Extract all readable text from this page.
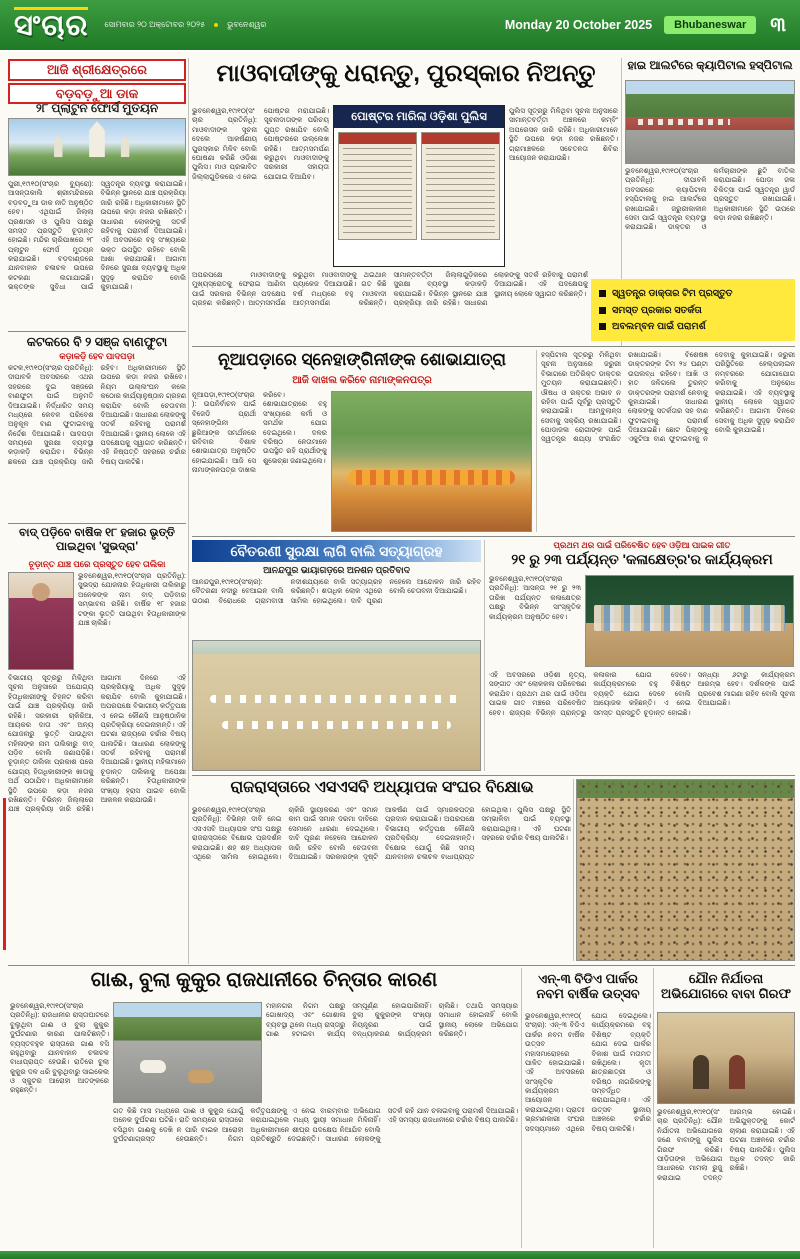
ସଂଚାର ସୋମବାର ୨୦ ଅକ୍ଟୋବର ୨୦୨୫	ଭୁବନେଶ୍ୱର	Monday 20 October 2025	Bhubaneswar	୩
ଆଜି ଶ୍ରୀକ୍ଷେତ୍ରରେ
ବଡ଼ବଡ଼ୁଆ ଡାକ
୨୮ ପ୍ଲାଟୁନ ଫୋର୍ସ ମୁତୟନ
ପୁରୀ,୧୯ା୧୦(ସଂଚାର ବ୍ୟୁରୋ): ଆସନ୍ତାକାଲି ଶ୍ରୀମନ୍ଦିରରେ ବଡ଼ବଡ଼ୁଆ ଡାକ ନୀତି ଅନୁଷ୍ଠିତ ହେବ। ଏଥିପାଇଁ ଜିଲ୍ଲା ପ୍ରଶାସନ ଓ ପୁଲିସ ପକ୍ଷରୁ ସମସ୍ତ ପ୍ରସ୍ତୁତି ଚୂଡ଼ାନ୍ତ ହୋଇଛି। ମନ୍ଦିର ଚାରିପାଖରେ ୨୮ ପ୍ଲାଟୁନ ଫୋର୍ସ ମୁତୟନ କରାଯାଇଛି। ବଡ଼ଦାଣ୍ଡରେ ଯାନବାହାନ ଚଳାଚଳ ଉପରେ କଟକଣା ଲଗାଯାଇଛି। ଭକ୍ତଙ୍କ ସୁବିଧା ପାଇଁ ସ୍ୱତନ୍ତ୍ର ବ୍ୟବସ୍ଥା କରାଯାଇଛି। ବିଭିନ୍ନ ସ୍ଥାନରେ ଯାଞ୍ଚ ପ୍ରକ୍ରିୟା ଜାରି ରହିଛି। ଅଧିକାରୀମାନେ ସ୍ଥିତି ଉପରେ କଡ଼ା ନଜର ରଖିଛନ୍ତି। ସାଧାରଣ ଲୋକଙ୍କୁ ସତର୍କ ରହିବାକୁ ପରାମର୍ଶ ଦିଆଯାଇଛି। ଏହି ଅବସରରେ ବହୁ ସଂଖ୍ୟାରେ ଭକ୍ତ ଉପସ୍ଥିତ ରହିବେ ବୋଲି ଆଶା କରାଯାଉଛି। ଆଗାମୀ ଦିନରେ ସୁରକ୍ଷା ବ୍ୟବସ୍ଥାକୁ ଅଧିକ ସୁଦୃଢ଼ କରାଯିବ ବୋଲି କୁହାଯାଇଛି।
କଟକରେ ବି ୨ ସଞ୍ଜ ବାଣଫୁଟା
କଡ଼ାକଡ଼ି ହେବ ପାଦପଡ଼ା
କଟକ,୧୯ା୧୦(ସଂଚାର ପ୍ରତିନିଧି): ଦୀପାବଳି ଅବସରରେ ଏଥର ସହରରେ ଦୁଇ ସଞ୍ଜରେ ବାଣଫୁଟା ପାଇଁ ଅନୁମତି ଦିଆଯାଇଛି। ନିର୍ଦ୍ଧାରିତ ସମୟ ମଧ୍ୟରେ କେବଳ ପରିବେଶ ଅନୁକୂଳ ବାଣ ଫୁଟାଇବାକୁ ନିର୍ଦ୍ଦେଶ ଦିଆଯାଇଛି। ପାଦପଡ଼ା ସମୟରେ ସୁରକ୍ଷା ବ୍ୟବସ୍ଥା କଡ଼ାକଡ଼ି କରାଯିବ। ବିଭିନ୍ନ ଛକରେ ଯାଞ୍ଚ ପ୍ରକ୍ରିୟା ଜାରି ରହିବ। ଅଧିକାରୀମାନେ ସ୍ଥିତି ଉପରେ କଡ଼ା ନଜର ରଖିବେ। ନିୟମ ଉଲ୍ଲଂଘନ କଲେ କଠୋର କାର୍ଯ୍ୟାନୁଷ୍ଠାନ ଗ୍ରହଣ କରାଯିବ ବୋଲି ଚେତାବନୀ ଦିଆଯାଇଛି। ସାଧାରଣ ଲୋକଙ୍କୁ ସତର୍କ ରହିବାକୁ ପରାମର୍ଶ ଦିଆଯାଇଛି। ସ୍ଥାନୀୟ ଲୋକେ ଏହି ପଦକ୍ଷେପକୁ ସ୍ୱାଗତ କରିଛନ୍ତି। ଏହି ନିଷ୍ପତ୍ତି ସହରରେ ଚର୍ଚ୍ଚାର ବିଷୟ ପାଲଟିଛି।
ବାଦ୍ ପଡ଼ିବେ ବାର୍ଷିକ ୧୮ ହଜାର ଭୃତ୍ତି ପାଇଥିବା 'ସୁଭଦ୍ରା'
ଚୂଡ଼ାନ୍ତ ଯାଞ୍ଚ ପରେ ପ୍ରସ୍ତୁତ ହେବ ତାଲିକା
ଭୁବନେଶ୍ୱର,୧୯ା୧୦(ସଂଚାର ପ୍ରତିନିଧି): ସୁଭଦ୍ରା ଯୋଜନାର ହିତାଧିକାରୀ ତାଲିକାରୁ ଅନେକଙ୍କ ନାମ ବାଦ୍ ପଡ଼ିବାର ସମ୍ଭାବନା ରହିଛି। ବାର୍ଷିକ ୧୮ ହଜାର ଟଙ୍କା ଭୃତ୍ତି ପାଉଥିବା ହିତାଧିକାରୀଙ୍କ ଯାଞ୍ଚ ଚାଲିଛି।
ବିଭାଗୀୟ ସୂତ୍ରରୁ ମିଳିଥିବା ସୂଚନା ଅନୁସାରେ ଅଯୋଗ୍ୟ ହିତାଧିକାରୀଙ୍କୁ ଚିହ୍ନଟ କରିବା ପାଇଁ ଯାଞ୍ଚ ପ୍ରକ୍ରିୟା ଜାରି ରହିଛି। ସରକାରୀ ଚାକିରିଆ, ଆୟକର ଦାତା ଏବଂ ଅନ୍ୟ ଯୋଜନାରୁ ଭୃତ୍ତି ପାଉଥିବା ମହିଳାଙ୍କ ନାମ ତାଲିକାରୁ ବାଦ୍ ପଡ଼ିବ ବୋଲି ଜଣାପଡ଼ିଛି। ଚୂଡ଼ାନ୍ତ ତାଲିକା ପ୍ରକାଶ ପରେ ଯୋଗ୍ୟ ହିତାଧିକାରୀଙ୍କ ଖାତାକୁ ଅର୍ଥ ପଠାଯିବ। ଅଧିକାରୀମାନେ ସ୍ଥିତି ଉପରେ କଡ଼ା ନଜର ରଖିଛନ୍ତି। ବିଭିନ୍ନ ଜିଲ୍ଲାରେ ଯାଞ୍ଚ ପ୍ରକ୍ରିୟା ଜାରି ରହିଛି। ଆଗାମୀ ଦିନରେ ଏହି ପ୍ରକ୍ରିୟାକୁ ଅଧିକ ସୁଦୃଢ଼ କରାଯିବ ବୋଲି କୁହାଯାଇଛି। ଅପରପକ୍ଷେ ବିଭାଗୀୟ କର୍ତ୍ତୃପକ୍ଷ ଏ ନେଇ କୌଣସି ଆନୁଷ୍ଠାନିକ ପ୍ରତିକ୍ରିୟା ଦେଇନାହାନ୍ତି। ଏହି ଘଟଣା ରାଜ୍ୟରେ ଚର୍ଚ୍ଚାର ବିଷୟ ପାଲଟିଛି। ସାଧାରଣ ଲୋକଙ୍କୁ ସତର୍କ ରହିବାକୁ ପରାମର୍ଶ ଦିଆଯାଇଛି। ସ୍ଥାନୀୟ ମହିଳାମାନେ ଚୂଡ଼ାନ୍ତ ତାଲିକାକୁ ଅପେକ୍ଷା କରିଛନ୍ତି। ହିତାଧିକାରୀଙ୍କ ସଂଖ୍ୟା ହ୍ରାସ ପାଇବ ବୋଲି ଆକଳନ କରାଯାଉଛି।
ମାଓବାଦୀଙ୍କୁ ଧରାନ୍ତୁ, ପୁରସ୍କାର ନିଅନ୍ତୁ
ଭୁବନେଶ୍ୱର,୧୯ା୧୦(ସଂଚାର ପ୍ରତିନିଧି): ମାଓବାଦୀଙ୍କ ସୂଚନା ଦେଲେ ଆକର୍ଷଣୀୟ ପୁରସ୍କାର ମିଳିବ ବୋଲି ଘୋଷଣା କରିଛି ଓଡ଼ିଶା ପୁଲିସ। ମାଓ ପ୍ରଭାବିତ ଜିଲ୍ଲାଗୁଡ଼ିକରେ ଏ ନେଇ ପୋଷ୍ଟର ମରାଯାଇଛି। ସୂଚନାଦାତାଙ୍କ ପରିଚୟ ଗୁପ୍ତ ରଖାଯିବ ବୋଲି ପୋଷ୍ଟରରେ ଉଲ୍ଲେଖ ରହିଛି। ଆତ୍ମସମର୍ପଣ କରୁଥିବା ମାଓବାଦୀଙ୍କୁ ସରକାରୀ ସହାୟତା ଯୋଗାଇ ଦିଆଯିବ।
ପୋଷ୍ଟର ମାରିଲା ଓଡ଼ିଶା ପୁଲିସ	ପୁଲିସ ସୂତ୍ରରୁ ମିଳିଥିବା ସୂଚନା ଅନୁସାରେ ସୀମାନ୍ତବର୍ତ୍ତୀ ଅଞ୍ଚଳରେ କମ୍ବିଂ ଅପରେସନ ଜାରି ରହିଛି। ଅଧିକାରୀମାନେ ସ୍ଥିତି ଉପରେ କଡ଼ା ନଜର ରଖିଛନ୍ତି। ଗ୍ରାମାଞ୍ଚଳରେ ସଚେତନତା ଶିବିର ଆୟୋଜନ କରାଯାଉଛି।
ଅପରପକ୍ଷେ ମାଓବାଦୀଙ୍କୁ ମୁଖ୍ୟସ୍ରୋତକୁ ଫେରାଇ ଆଣିବା ପାଇଁ ସରକାର ବିଭିନ୍ନ ପଦକ୍ଷେପ ଗ୍ରହଣ କରିଛନ୍ତି। ଆତ୍ମସମର୍ପଣ କରୁଥିବା ମାଓବାଦୀଙ୍କୁ ଥଇଥାନ ପ୍ୟାକେଜ ଦିଆଯାଉଛି। ଗତ କିଛି ବର୍ଷ ମଧ୍ୟରେ ବହୁ ମାଓବାଦୀ ଆତ୍ମସମର୍ପଣ କରିଛନ୍ତି। ସୀମାନ୍ତବର୍ତ୍ତୀ ଜିଲ୍ଲାଗୁଡ଼ିକରେ ସୁରକ୍ଷା ବ୍ୟବସ୍ଥା କଡ଼ାକଡ଼ି କରାଯାଇଛି। ବିଭିନ୍ନ ସ୍ଥାନରେ ଯାଞ୍ଚ ପ୍ରକ୍ରିୟା ଜାରି ରହିଛି। ସାଧାରଣ ଲୋକଙ୍କୁ ସତର୍କ ରହିବାକୁ ପରାମର୍ଶ ଦିଆଯାଇଛି। ଏହି ପଦକ୍ଷେପକୁ ସ୍ଥାନୀୟ ଲୋକେ ସ୍ୱାଗତ କରିଛନ୍ତି।
ହାଇ ଆଲର୍ଟରେ କ୍ୟାପିଟାଲ ହସ୍ପିଟାଲ
ଭୁବନେଶ୍ୱର,୧୯ା୧୦(ସଂଚାର ପ୍ରତିନିଧି): ଦୀପାବଳି ଅବସରରେ କ୍ୟାପିଟାଲ ହସ୍ପିଟାଲକୁ ହାଇ ଆଲର୍ଟରେ ରଖାଯାଇଛି। ଜରୁରୀକାଳୀନ ସେବା ପାଇଁ ସ୍ୱତନ୍ତ୍ର ବ୍ୟବସ୍ଥା କରାଯାଇଛି। ଡାକ୍ତର ଓ କର୍ମଚାରୀଙ୍କ ଛୁଟି ବାତିଲ କରାଯାଇଛି। ପୋଡ଼ା ଜଳା ଚିକିତ୍ସା ପାଇଁ ସ୍ୱତନ୍ତ୍ର ୱାର୍ଡ ପ୍ରସ୍ତୁତ ରଖାଯାଇଛି। ଅଧିକାରୀମାନେ ସ୍ଥିତି ଉପରେ କଡ଼ା ନଜର ରଖିଛନ୍ତି।
ସ୍ୱତନ୍ତ୍ର ଡାକ୍ତାର ଟିମ ପ୍ରସ୍ତୁତ
ସମସ୍ତ ପ୍ରକାର ସତର୍କତା
ଅବଲମ୍ବନ ପାଇଁ ପରାମର୍ଶ
ନୂଆପଡ଼ାରେ ସ୍ନେହାଙ୍ଗିନୀଙ୍କ ଶୋଭାଯାତ୍ରା
ଆଜି ଦାଖଲ କରିବେ ନାମାଙ୍କନପତ୍ର
ନୂଆପଡ଼ା,୧୯ା୧୦(ସଂଚାର): ଉପନିର୍ବାଚନ ପାଇଁ ବିଜେଡି ପ୍ରାର୍ଥୀ ସ୍ନେହାଙ୍ଗିନୀ ଛୁରିଆଙ୍କ ସମର୍ଥନରେ ରବିବାର ବିଶାଳ ଶୋଭାଯାତ୍ରା ଅନୁଷ୍ଠିତ ହୋଇଯାଇଛି। ଆଜି ସେ ନାମାଙ୍କନପତ୍ର ଦାଖଲ କରିବେ। ଶୋଭାଯାତ୍ରାରେ ବହୁ ସଂଖ୍ୟାରେ କର୍ମୀ ଓ ସମର୍ଥକ ଯୋଗ ଦେଇଥିଲେ। ଦଳର ବରିଷ୍ଠ ନେତାମାନେ ଉପସ୍ଥିତ ରହି ପ୍ରାର୍ଥୀଙ୍କୁ ଶୁଭେଚ୍ଛା ଜଣାଇଥିଲେ।
ହସ୍ପିଟାଲ ସୂତ୍ରରୁ ମିଳିଥିବା ସୂଚନା ଅନୁସାରେ ଜରୁରୀ ବିଭାଗରେ ଅତିରିକ୍ତ ଡାକ୍ତର ମୁତୟନ କରାଯାଇଛନ୍ତି। ଔଷଧ ଓ ରକ୍ତର ଅଭାବ ନ ରହିବା ପାଇଁ ପୂର୍ବରୁ ପ୍ରସ୍ତୁତି କରାଯାଇଛି। ଆମ୍ବୁଲାନ୍ସ ସେବାକୁ ସକ୍ରିୟ ରଖାଯାଇଛି। ପୋଡ଼ାଜଳା ରୋଗୀଙ୍କ ପାଇଁ ସ୍ୱତନ୍ତ୍ର ଶଯ୍ୟା ସଂରକ୍ଷିତ ରଖାଯାଇଛି। ବିଶେଷଜ୍ଞ ଡାକ୍ତରଙ୍କ ଟିମ ୨୪ ଘଣ୍ଟା ଉପଲବ୍ଧ ରହିବେ। ଆଖି ଓ ହାତ ଜଳିଗଲେ ତୁରନ୍ତ ଡାକ୍ତରଙ୍କ ପରାମର୍ଶ ନେବାକୁ କୁହାଯାଇଛି। ସାଧାରଣ ଲୋକଙ୍କୁ ସତର୍କତାର ସହ ବାଣ ଫୁଟାଇବାକୁ ପରାମର୍ଶ ଦିଆଯାଇଛି। ଛୋଟ ପିଲାଙ୍କୁ ଏକୁଟିଆ ବାଣ ଫୁଟାଇବାକୁ ନ ଦେବାକୁ କୁହାଯାଇଛି। ଜରୁରୀ ପରିସ୍ଥିତିରେ ହେଲ୍ପଲାଇନ ନମ୍ବରରେ ଯୋଗାଯୋଗ କରିବାକୁ ଅନୁରୋଧ କରାଯାଇଛି। ଏହି ବ୍ୟବସ୍ଥାକୁ ସ୍ଥାନୀୟ ଲୋକେ ସ୍ୱାଗତ କରିଛନ୍ତି। ଆଗାମୀ ଦିନରେ ସେବାକୁ ଅଧିକ ସୁଦୃଢ଼ କରାଯିବ ବୋଲି କୁହାଯାଇଛି।
ବୈତରଣୀ ସୁରକ୍ଷା ଲାଗି ବାଲି ସତ୍ୟାଗ୍ରହ
ଆନନ୍ଦପୁର ଭାୟାଗଡ଼ରେ ଅନଶନ ପ୍ରତିବାଦ
ଆନନ୍ଦପୁର,୧୯ା୧୦(ସଂଚାର): ବୈତରଣୀ ନଦୀରୁ ବେଆଇନ ବାଲି ଉଠାଣ ବିରୋଧରେ ଗ୍ରାମବାସୀ ନଦୀଶଯ୍ୟାରେ ବାଲି ସତ୍ୟାଗ୍ରହ କରିଛନ୍ତି। ଶତାଧିକ ଲୋକ ଏଥିରେ ସାମିଲ ହୋଇଥିଲେ। ଦାବି ପୂରଣ ନହେଲେ ଆନ୍ଦୋଳନ ଜାରି ରହିବ ବୋଲି ଚେତାବନୀ ଦିଆଯାଇଛି।
ପ୍ରଥମ ଥର ପାଇଁ ପରିବେଷିତ ହେବ ଓଡ଼ିଆ ପାଇକ ଗୀତ
୨୧ ରୁ ୨୩ ପର୍ଯ୍ୟନ୍ତ 'କଳାକ୍ଷେତ୍ର'ର କାର୍ଯ୍ୟକ୍ରମ
ଭୁବନେଶ୍ୱର,୧୯ା୧୦(ସଂଚାର ପ୍ରତିନିଧି): ଆସନ୍ତା ୨୧ ରୁ ୨୩ ତାରିଖ ପର୍ଯ୍ୟନ୍ତ କଳାକ୍ଷେତ୍ର ପକ୍ଷରୁ ବିଭିନ୍ନ ସାଂସ୍କୃତିକ କାର୍ଯ୍ୟକ୍ରମ ଅନୁଷ୍ଠିତ ହେବ।
ଏହି ଅବସରରେ ଓଡ଼ିଶୀ ନୃତ୍ୟ, ସଙ୍ଗୀତ ଏବଂ ଲୋକକଳା ପରିବେଷଣ କରାଯିବ। ପ୍ରଥମ ଥର ପାଇଁ ଓଡ଼ିଆ ପାଇକ ଗୀତ ମଞ୍ଚରେ ପରିବେଷିତ ହେବ। ରାଜ୍ୟର ବିଭିନ୍ନ ପ୍ରାନ୍ତରୁ କଳାକାର ଯୋଗ ଦେବେ। କାର୍ଯ୍ୟକ୍ରମରେ ବହୁ ବିଶିଷ୍ଟ ବ୍ୟକ୍ତି ଯୋଗ ଦେବେ ବୋଲି ଆୟୋଜକ କହିଛନ୍ତି। ଏ ନେଇ ସମସ୍ତ ପ୍ରସ୍ତୁତି ଚୂଡ଼ାନ୍ତ ହୋଇଛି। ସନ୍ଧ୍ୟା ୬ଟାରୁ କାର୍ଯ୍ୟକ୍ରମ ଆରମ୍ଭ ହେବ। ଦର୍ଶକଙ୍କ ପାଇଁ ପ୍ରବେଶ ମାଗଣା ରହିବ ବୋଲି ସୂଚନା ଦିଆଯାଇଛି।
ରାଜରାସ୍ତାରେ ଏସଏସବି ଅଧ୍ୟାପକ ସଂଘର ବିକ୍ଷୋଭ
ଭୁବନେଶ୍ୱର,୧୯ା୧୦(ସଂଚାର ପ୍ରତିନିଧି): ବିଭିନ୍ନ ଦାବି ନେଇ ଏସଏସବି ଅଧ୍ୟାପକ ସଂଘ ପକ୍ଷରୁ ରାଜରାସ୍ତାରେ ବିକ୍ଷୋଭ ପ୍ରଦର୍ଶନ କରାଯାଇଛି। ଶହ ଶହ ଅଧ୍ୟାପକ ଏଥିରେ ସାମିଲ ହୋଇଥିଲେ। ଚାକିରି ସ୍ଥାୟୀକରଣ ଏବଂ ସମାନ କାମ ପାଇଁ ସମାନ ଦରମା ଦାବିରେ ସେମାନେ ଧାରଣା ଦେଇଥିଲେ। ଦାବି ପୂରଣ ନହେଲେ ଆନ୍ଦୋଳନ ଜାରି ରହିବ ବୋଲି ଚେତାବନୀ ଦିଆଯାଇଛି। ସରକାରଙ୍କ ଦୃଷ୍ଟି ଆକର୍ଷଣ ପାଇଁ ସ୍ମାରକପତ୍ର ପ୍ରଦାନ କରାଯାଇଛି। ଅପରପକ୍ଷେ ବିଭାଗୀୟ କର୍ତ୍ତୃପକ୍ଷ କୌଣସି ପ୍ରତିକ୍ରିୟା ଦେଇନାହାନ୍ତି। ବିକ୍ଷୋଭ ଯୋଗୁଁ କିଛି ସମୟ ଯାନବାହାନ ଚଳାଚଳ ବାଧାପ୍ରାପ୍ତ ହୋଇଥିଲା। ପୁଲିସ ପକ୍ଷରୁ ସ୍ଥିତି ସମ୍ଭାଳିବା ପାଇଁ ବ୍ୟବସ୍ଥା କରାଯାଇଥିଲା। ଏହି ଘଟଣା ସହରରେ ଚର୍ଚ୍ଚାର ବିଷୟ ପାଲଟିଛି।
ଗାଈ, ବୁଲା କୁକୁର ରାଜଧାନୀରେ ଚିନ୍ତାର କାରଣ
ଭୁବନେଶ୍ୱର,୧୯ା୧୦(ସଂଚାର ପ୍ରତିନିଧି): ରାଜଧାନୀର ରାସ୍ତାଘାଟରେ ବୁଲୁଥିବା ଗାଈ ଓ ବୁଲା କୁକୁର ଦୁର୍ଘଟଣାର କାରଣ ପାଲଟିଛନ୍ତି। ବ୍ୟସ୍ତବହୁଳ ରାସ୍ତାରେ ଗାଈ ବସି ରହୁଥିବାରୁ ଯାନବାହାନ ଚଳାଚଳ ବାଧାପ୍ରାପ୍ତ ହେଉଛି। ରାତିରେ ବୁଲା କୁକୁର ଦଳ ଧରି ବୁଲୁଥିବାରୁ ସାଇକେଲ ଓ ସ୍କୁଟର ଆରୋହୀ ଆତଙ୍କରେ ରହୁଛନ୍ତି।
ମହାନଗର ନିଗମ ପକ୍ଷରୁ ଗୋଖାଦ୍ୟ ଏବଂ ଗୋଶାଳା ବ୍ୟବସ୍ଥା ଥିଲେ ମଧ୍ୟ ରାସ୍ତାରୁ ଗାଈ ହଟାଇବା କାର୍ଯ୍ୟ ସମ୍ପୂର୍ଣ୍ଣ ହୋଇପାରିନାହିଁ। ବୁଲା କୁକୁରଙ୍କ ସଂଖ୍ୟା ନିୟନ୍ତ୍ରଣ ପାଇଁ ବନ୍ଧ୍ୟାକରଣ କାର୍ଯ୍ୟକ୍ରମ ଚାଲିଛି। ତଥାପି ସମସ୍ୟାର ସମାଧାନ ହୋଇନାହିଁ ବୋଲି ସ୍ଥାନୀୟ ଲୋକେ ଅଭିଯୋଗ କରିଛନ୍ତି।
ଗତ କିଛି ମାସ ମଧ୍ୟରେ ଗାଈ ଓ କୁକୁର ଯୋଗୁଁ ଅନେକ ଦୁର୍ଘଟଣା ଘଟିଛି। ରାତି ସମୟରେ ରାସ୍ତାରେ ବସିଥିବା ଗାଈକୁ ଦେଖି ନ ପାରି ବାଇକ ଆରୋହୀ ଦୁର୍ଘଟଣାଗ୍ରସ୍ତ ହେଉଛନ୍ତି। ନିଗମ କର୍ତ୍ତୃପକ୍ଷଙ୍କୁ ଏ ନେଇ ବାରମ୍ବାର ଅଭିଯୋଗ କରାଯାଇଥିଲେ ମଧ୍ୟ ସ୍ଥାୟୀ ସମାଧାନ ମିଳିନାହିଁ। ଅଧିକାରୀମାନେ ଶୀଘ୍ର ପଦକ୍ଷେପ ନିଆଯିବ ବୋଲି ପ୍ରତିଶ୍ରୁତି ଦେଇଛନ୍ତି। ସାଧାରଣ ଲୋକଙ୍କୁ ସତର୍କ ରହି ଯାନ ଚଳାଇବାକୁ ପରାମର୍ଶ ଦିଆଯାଇଛି। ଏହି ସମସ୍ୟା ରାଜଧାନୀରେ ଚର୍ଚ୍ଚାର ବିଷୟ ପାଲଟିଛି।
ଏନ୍-୩ ବିଡିଏ ପାର୍କର ନବମ ବାର୍ଷିକ ଉତ୍ସବ
ଭୁବନେଶ୍ୱର,୧୯ା୧୦(ସଂଚାର): ଏନ୍-୩ ବିଡିଏ ପାର୍କର ନବମ ବାର୍ଷିକ ଉତ୍ସବ ମହାସମାରୋହରେ ପାଳିତ ହୋଇଯାଇଛି। ଏହି ଅବସରରେ ସାଂସ୍କୃତିକ କାର୍ଯ୍ୟକ୍ରମ ଆୟୋଜନ କରାଯାଇଥିଲା। ପ୍ରାତଃ ଭ୍ରମଣକାରୀ ସଂଘର ସଦସ୍ୟମାନେ ଏଥିରେ ଯୋଗ ଦେଇଥିଲେ। କାର୍ଯ୍ୟକ୍ରମରେ ବହୁ ବିଶିଷ୍ଟ ବ୍ୟକ୍ତି ଯୋଗ ଦେଇ ପାର୍କର ବିକାଶ ପାଇଁ ମତାମତ ରଖିଥିଲେ। କୃତୀ ଛାତ୍ରଛାତ୍ରୀ ଓ ବରିଷ୍ଠ ନାଗରିକଙ୍କୁ ସମ୍ବର୍ଦ୍ଧିତ କରାଯାଇଥିଲା। ଏହି ଉତ୍ସବ ସ୍ଥାନୀୟ ଅଞ୍ଚଳରେ ଚର୍ଚ୍ଚାର ବିଷୟ ପାଲଟିଛି।
ଯୌନ ନିର୍ଯାତନା ଅଭିଯୋଗରେ ବାବା ଗିରଫ
ଭୁବନେଶ୍ୱର,୧୯ା୧୦(ସଂଚାର ପ୍ରତିନିଧି): ଯୌନ ନିର୍ଯାତନା ଅଭିଯୋଗରେ ଜଣେ ବାବାଙ୍କୁ ପୁଲିସ ଗିରଫ କରିଛି। ପୀଡ଼ିତାଙ୍କ ଅଭିଯୋଗ ଆଧାରରେ ମାମଲା ରୁଜୁ କରାଯାଇ ତଦନ୍ତ ଆରମ୍ଭ ହୋଇଛି। ଅଭିଯୁକ୍ତଙ୍କୁ କୋର୍ଟ ଚାଲାଣ କରାଯାଇଛି। ଏହି ଘଟଣା ଅଞ୍ଚଳରେ ଚର୍ଚ୍ଚାର ବିଷୟ ପାଲଟିଛି। ପୁଲିସ ଅଧିକ ତଦନ୍ତ ଜାରି ରଖିଛି।
